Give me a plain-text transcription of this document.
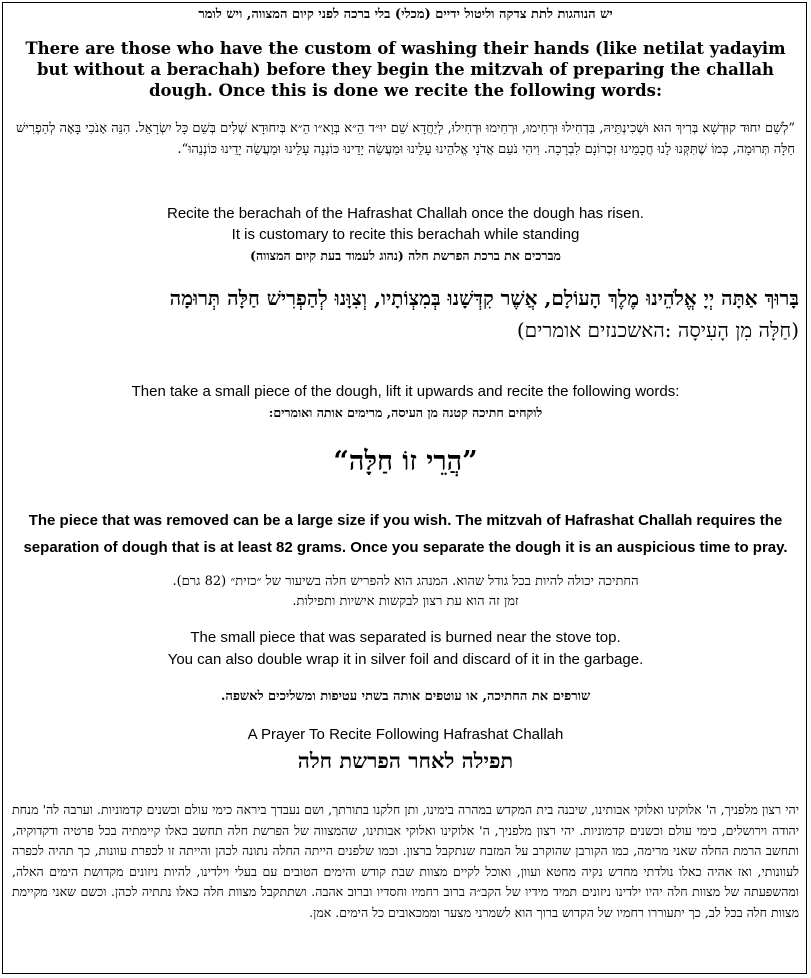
יש הנוהגות לתת צדקה וליטול ידיים (מכלי) בלי ברכה לפני קיום המצווה, ויש לומר

There are those who have the custom of washing their hands (like netilat yadayim but without a berachah) before they begin the mitzvah of preparing the challah dough. Once this is done we recite the following words:

”לְשֵׁם יִחוּד קוּדְשָׁא בְּרִיךְ הוּא וּשְׁכִינְתֵּיהּ, בִּדְחִילוּ וּרְחִימוּ, וּרְחִימוּ וּדְחִילוּ, לְיַחֲדָא שֵׁם יוּ״ד הֵ״א בְּוָא״ו הֵ״א בְּיִחוּדָא שְׁלִים בְּשֵׁם כָּל יִשְׂרָאֵל. הִנֵּה אָנֹכִי בָּאָה לְהַפְרִישׁ חַלָּה תְּרוּמָה, כְּמוֹ שֶׁתִּקְּנוּ לָנוּ חֲכָמֵינוּ זִכְרוֹנָם לִבְרָכָה. וִיהִי נֹעַם אֲדֹנָי אֱלֹהֵינוּ עָלֵינוּ וּמַעֲשֵׂה יָדֵינוּ כּוֹנְנָה עָלֵינוּ וּמַעֲשֵׂה יָדֵינוּ כּוֹנְנֵהוּ“.

Recite the berachah of the Hafrashat Challah once the dough has risen.

It is customary to recite this berachah while standing

מברכים את ברכת הפרשת חלה (נהוג לעמוד בעת קיום המצווה)

בָּרוּךְ אַתָּה יְיָ אֱלֹהֵינוּ מֶלֶךְ הָעוֹלָם, אֲשֶׁר קִדְּשָׁנוּ בְּמִצְוֹתָיו, וְצִוָּנוּ לְהַפְרִישׁ חַלָּה תְּרוּמָה

(חַלָּה מִן הָעִיסָה :האשכנזים אומרים)

Then take a small piece of the dough, lift it upwards and recite the following words:

לוקחים חתיכה קטנה מן העיסה, מרימים אותה ואומרים:

”הֲרֵי זוֹ חַלָּה“

The piece that was removed can be a large size if you wish. The mitzvah of Hafrashat Challah requires the separation of dough that is at least 82 grams. Once you separate the dough it is an auspicious time to pray.

החתיכה יכולה להיות בכל גודל שהוא. המנהג הוא להפריש חלה בשיעור של ״כזית״ (82 גרם).

זמן זה הוא עת רצון לבקשות אישיות ותפילות.

The small piece that was separated is burned near the stove top.

You can also double wrap it in silver foil and discard of it in the garbage.

שורפים את החתיכה, או עוטפים אותה בשתי עטיפות ומשליכים לאשפה.

A Prayer To Recite Following Hafrashat Challah

תפילה לאחר הפרשת חלה

יהי רצון מלפניך, ה' אלוקינו ואלוקי אבותינו, שיבנה בית המקדש במהרה בימינו, ותן חלקנו בתורתך, ושם נעבדך ביראה כימי עולם וכשנים קדמוניות. וערבה לה' מנחת יהודה וירושלים, כימי עולם וכשנים קדמוניות. יהי רצון מלפניך, ה' אלוקינו ואלוקי אבותינו, שהמצווה של הפרשת חלה תחשב כאלו קיימתיה בכל פרטיה ודקדוקיה, ותחשב הרמת החלה שאני מרימה, כמו הקורבן שהוקרב על המזבח שנתקבל ברצון. וכמו שלפנים הייתה החלה נתונה לכהן והייתה זו לכפרת עוונות, כך תהיה לכפרה לעוונותי, ואז אהיה כאלו נולדתי מחדש נקיה מחטא ועוון, ואוכל לקיים מצוות שבת קודש והימים הטובים עם בעלי וילדינו, להיות ניזונים מקדושת הימים האלה, ומהשפעתה של מצוות חלה יהיו ילדינו ניזונים תמיד מידיו של הקב״ה ברוב רחמיו וחסדיו וברוב אהבה. ושתתקבל מצוות חלה כאלו נתתיה לכהן. וכשם שאני מקיימת מצוות חלה בכל לב, כך יתעוררו רחמיו של הקדוש ברוך הוא לשמרני מצער וממכאובים כל הימים. אמן.
